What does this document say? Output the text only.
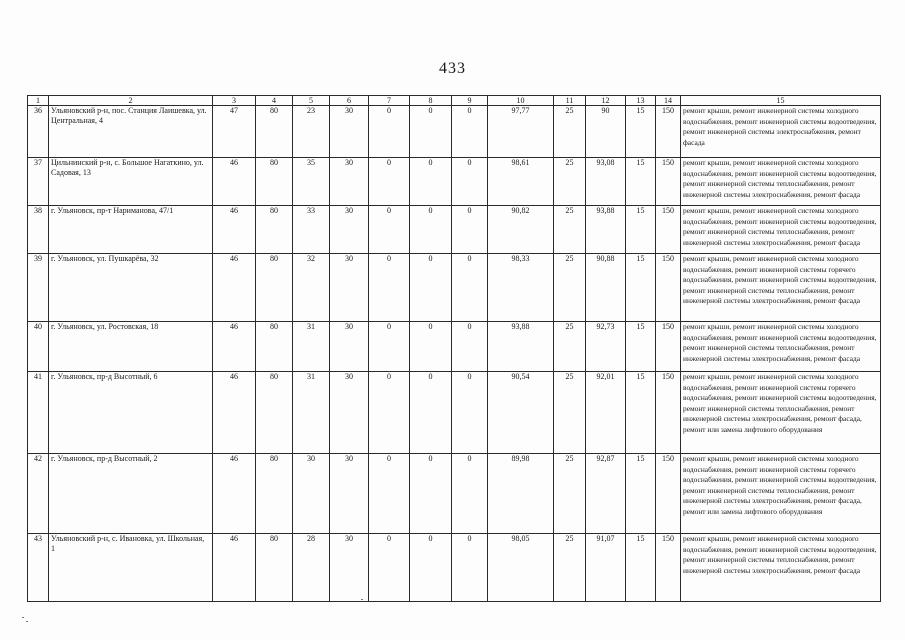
433
1	2	3	4	5	6	7	8	9	10	11	12	13	14	15
36	Ульяновский р-н, пос. Станция Лаишевка, ул. Центральная, 4	47	80	23	30	0	0	0	97,77	25	90	15	150	ремонт крыши, ремонт инженерной системы холодного водоснабжения, ремонт инженерной системы водоотведения, ремонт инженерной системы электроснабжения, ремонт фасада
37	Цильнинский р-н, с. Большое Нагаткино, ул. Садовая, 13	46	80	35	30	0	0	0	98,61	25	93,08	15	150	ремонт крыши, ремонт инженерной системы холодного водоснабжения, ремонт инженерной системы водоотведения, ремонт инженерной системы теплоснабжения, ремонт инженерной системы электроснабжения, ремонт фасада
38	г. Ульяновск, пр-т Нариманова, 47/1	46	80	33	30	0	0	0	90,82	25	93,88	15	150	ремонт крыши, ремонт инженерной системы холодного водоснабжения, ремонт инженерной системы водоотведения, ремонт инженерной системы теплоснабжения, ремонт инженерной системы электроснабжения, ремонт фасада
39	г. Ульяновск, ул. Пушкарёва, 32	46	80	32	30	0	0	0	98,33	25	90,88	15	150	ремонт крыши, ремонт инженерной системы холодного водоснабжения, ремонт инженерной системы горячего водоснабжения, ремонт инженерной системы водоотведения, ремонт инженерной системы теплоснабжения, ремонт инженерной системы электроснабжения, ремонт фасада
40	г. Ульяновск, ул. Ростовская, 18	46	80	31	30	0	0	0	93,88	25	92,73	15	150	ремонт крыши, ремонт инженерной системы холодного водоснабжения, ремонт инженерной системы водоотведения, ремонт инженерной системы теплоснабжения, ремонт инженерной системы электроснабжения, ремонт фасада
41	г. Ульяновск, пр-д Высотный, 6	46	80	31	30	0	0	0	90,54	25	92,01	15	150	ремонт крыши, ремонт инженерной системы холодного водоснабжения, ремонт инженерной системы горячего водоснабжения, ремонт инженерной системы водоотведения, ремонт инженерной системы теплоснабжения, ремонт инженерной системы электроснабжения, ремонт фасада, ремонт или замена лифтового оборудования
42	г. Ульяновск, пр-д Высотный, 2	46	80	30	30	0	0	0	89,98	25	92,87	15	150	ремонт крыши, ремонт инженерной системы холодного водоснабжения, ремонт инженерной системы горячего водоснабжения, ремонт инженерной системы водоотведения, ремонт инженерной системы теплоснабжения, ремонт инженерной системы электроснабжения, ремонт фасада, ремонт или замена лифтового оборудования
43	Ульяновский р-н, с. Ивановка, ул. Школьная, 1	46	80	28	30	0	0	0	98,05	25	91,07	15	150	ремонт крыши, ремонт инженерной системы холодного водоснабжения, ремонт инженерной системы водоотведения, ремонт инженерной системы теплоснабжения, ремонт инженерной системы электроснабжения, ремонт фасада
